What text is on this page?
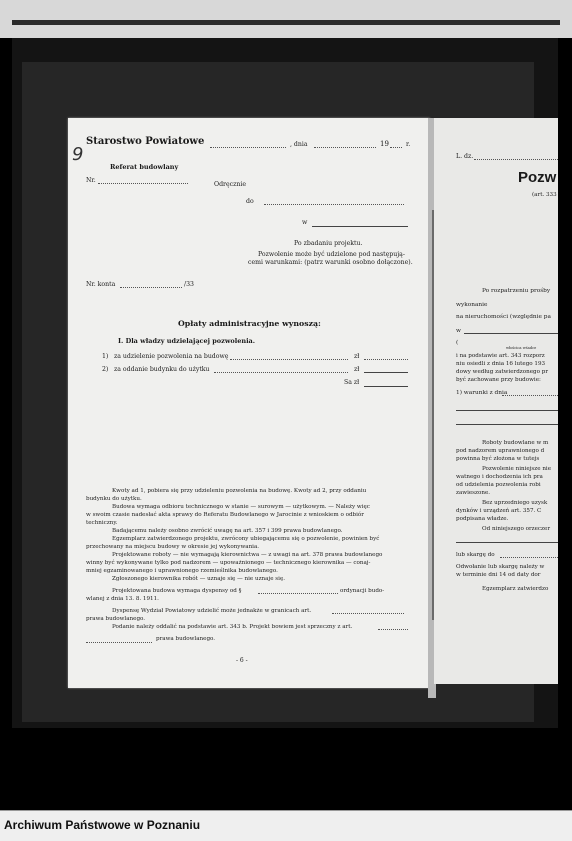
Starostwo Powiatowe	, dnia	19	r.
9
Referat budowlany
Nr.
Odręcznie
do
w
Po zbadaniu projektu.
Pozwolenie może być udzielone pod następują-
cemi warunkami: (patrz warunki osobno dołączone).
Nr. konta	/33
Opłaty administracyjne wynoszą:
I. Dla władzy udzielającej pozwolenia.
1) za udzielenie pozwolenia na budowę	zł
2) za oddanie budynku do użytku	zł
Sa zł
Kwoty ad 1, pobiera się przy udzieleniu pozwolenia na budowę. Kwoty ad 2, przy oddaniu
budynku do użytku.
Budowa wymaga odbioru technicznego w stanie — surowym — użytkowym. — Należy więc
w swoim czasie nadesłać akta sprawy do Referatu Budowlanego w Jarocinie z wnioskiem o odbiór
techniczny.
Badającemu należy osobno zwrócić uwagę na art. 357 i 399 prawa budowlanego.
Egzemplarz zatwierdzonego projektu, zwrócony ubiegającemu się o pozwolenie, powinien być
przechowany na miejscu budowy w okresie jej wykonywania.
Projektowane roboty — nie wymagają kierownictwa — z uwagi na art. 378 prawa budowlanego
winny być wykonywane tylko pod nadzorem — upoważnionego — technicznego kierownika — conaj-
mniej egzaminowanego i uprawnionego rzemieślnika budowlanego.
Zgłoszonego kierownika robót — uznaje się — nie uznaje się.
Projektowana budowa wymaga dyspensy od §	ordynacji budo-
wlanej z dnia 13. 8. 1911.
Dyspensę Wydział Powiatowy udzielić może jednakże w granicach art.
prawa budowlanego.
Podanie należy oddalić na podstawie art. 343 b. Projekt bowiem jest sprzeczny z art.
prawa budowlanego.
- 6 -
L. dz.
Pozw
(art. 333
Po rozpatrzeniu prośby
wykonanie
na nieruchomości (względnie pa
w
(
włościca wśadce
i na podstawie art. 343 rozporz
niu osiedli z dnia 16 lutego 193
dowy według zatwierdzonego pr
być zachowane przy budowie:
1) warunki z dnia
Roboty budowlane w m
pod nadzorem uprawnionego d
powinna być złożona w tutejs
Pozwolenie niniejsze nie
watnego i dochodzenia ich pra
od udzielenia pozwolenia robi
zawieszone.
Bez uprzedniego uzysk
dynków i urządzeń art. 357. C
podpisana władze.
Od niniejszego orzeczer
lub skargę do
Odwołanie lub skargę należy w
w terminie dni 14 od daty dor
Egzemplarz zatwierdzo
Archiwum Państwowe w Poznaniu
